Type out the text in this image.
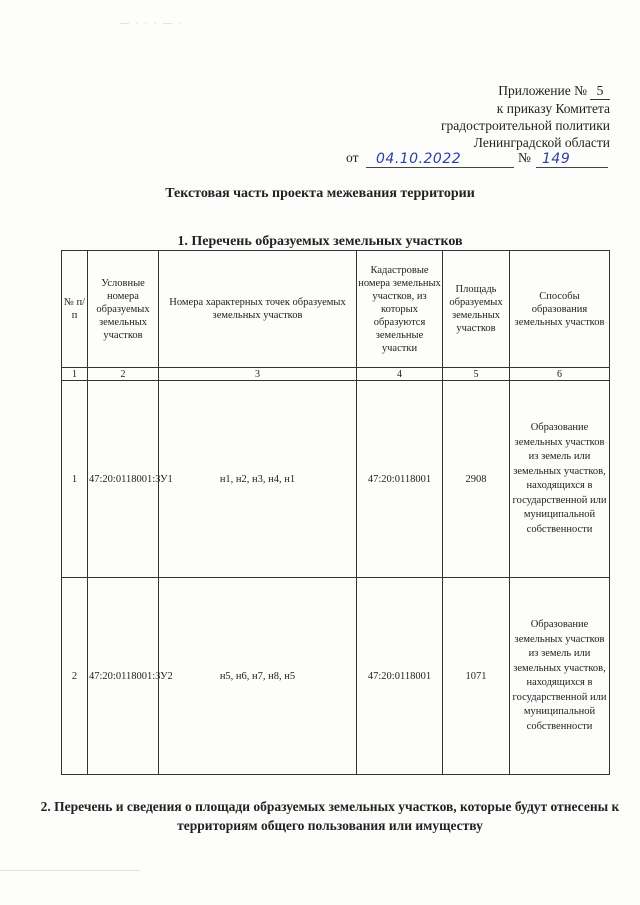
— · · · — ·
Приложение № 5
к приказу Комитета
градостроительной политики
Ленинградской области
от 04.10.2022	№ 149
Текстовая часть проекта межевания территории
1. Перечень образуемых земельных участков
№ п/п	Условные номера образуемых земельных участков	Номера характерных точек образуемых земельных участков	Кадастровые номера земельных участков, из которых образуются земельные участки	Площадь образуемых земельных участков	Способы образования земельных участков
1	2	3	4	5	6
1	47:20:0118001:ЗУ1	н1, н2, н3, н4, н1	47:20:0118001	2908	Образование земельных участков из земель или земельных участков, находящихся в государственной или муниципальной собственности
2	47:20:0118001:ЗУ2	н5, н6, н7, н8, н5	47:20:0118001	1071	Образование земельных участков из земель или земельных участков, находящихся в государственной или муниципальной собственности
2. Перечень и сведения о площади образуемых земельных участков, которые будут отнесены к территориям общего пользования или имуществу
